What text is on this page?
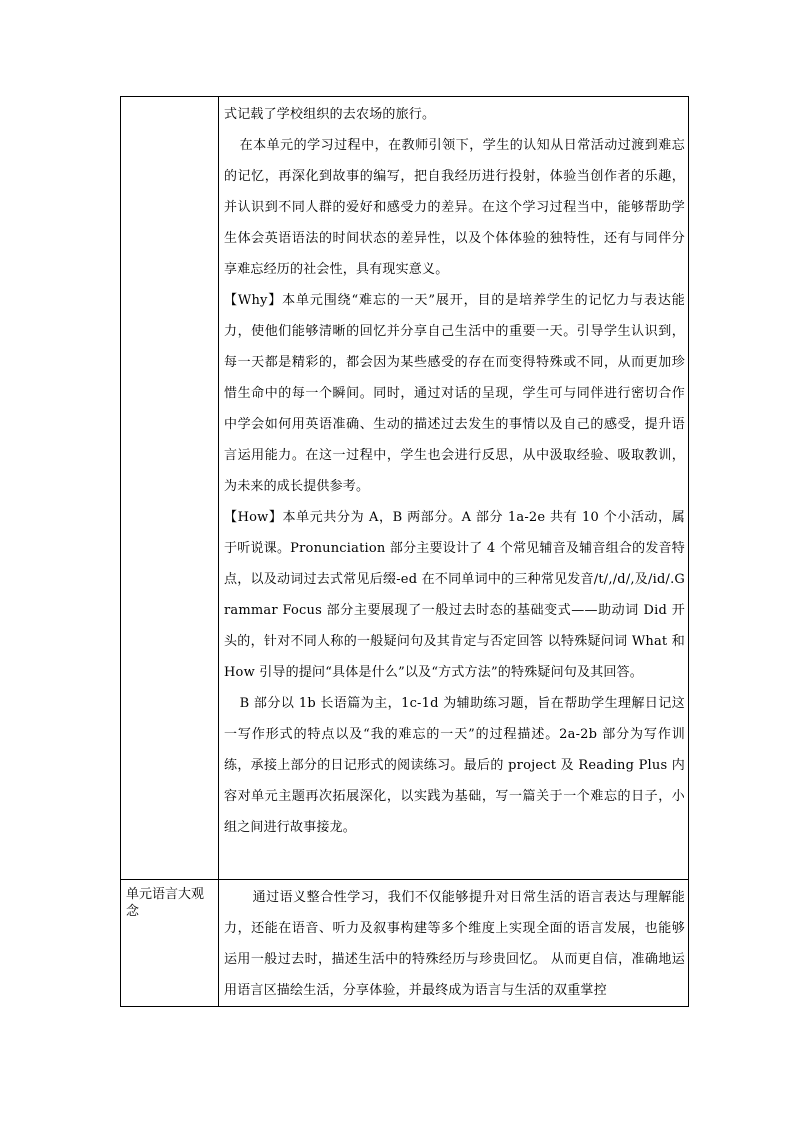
	式记载了学校组织的去农场的旅行。

在本单元的学习过程中，在教师引领下，学生的认知从日常活动过渡到难忘的记忆，再深化到故事的编写，把自我经历进行投射，体验当创作者的乐趣，并认识到不同人群的爱好和感受力的差异。在这个学习过程当中，能够帮助学生体会英语语法的时间状态的差异性，以及个体体验的独特性，还有与同伴分享难忘经历的社会性，具有现实意义。

【Why】本单元围绕“难忘的一天”展开，目的是培养学生的记忆力与表达能力，使他们能够清晰的回忆并分享自己生活中的重要一天。引导学生认识到，每一天都是精彩的，都会因为某些感受的存在而变得特殊或不同，从而更加珍惜生命中的每一个瞬间。同时，通过对话的呈现，学生可与同伴进行密切合作中学会如何用英语准确、生动的描述过去发生的事情以及自己的感受，提升语言运用能力。在这一过程中，学生也会进行反思，从中汲取经验、吸取教训，为未来的成长提供参考。

【How】本单元共分为 A，B 两部分。A 部分 1a-2e 共有 10 个小活动，属于听说课。Pronunciation 部分主要设计了 4 个常见辅音及辅音组合的发音特点，以及动词过去式常见后缀-ed 在不同单词中的三种常见发音/t/,/d/,及/id/.Grammar Focus 部分主要展现了一般过去时态的基础变式——助动词 Did 开头的，针对不同人称的一般疑问句及其肯定与否定回答 以特殊疑问词 What 和 How 引导的提问“具体是什么”以及“方式方法”的特殊疑问句及其回答。

B 部分以 1b 长语篇为主，1c-1d 为辅助练习题，旨在帮助学生理解日记这一写作形式的特点以及“我的难忘的一天”的过程描述。2a-2b 部分为写作训练，承接上部分的日记形式的阅读练习。最后的 project 及 Reading Plus 内容对单元主题再次拓展深化，以实践为基础，写一篇关于一个难忘的日子，小组之间进行故事接龙。

单元语言大观念	通过语义整合性学习，我们不仅能够提升对日常生活的语言表达与理解能力，还能在语音、听力及叙事构建等多个维度上实现全面的语言发展，也能够运用一般过去时，描述生活中的特殊经历与珍贵回忆。 从而更自信，准确地运用语言区描绘生活，分享体验，并最终成为语言与生活的双重掌控
